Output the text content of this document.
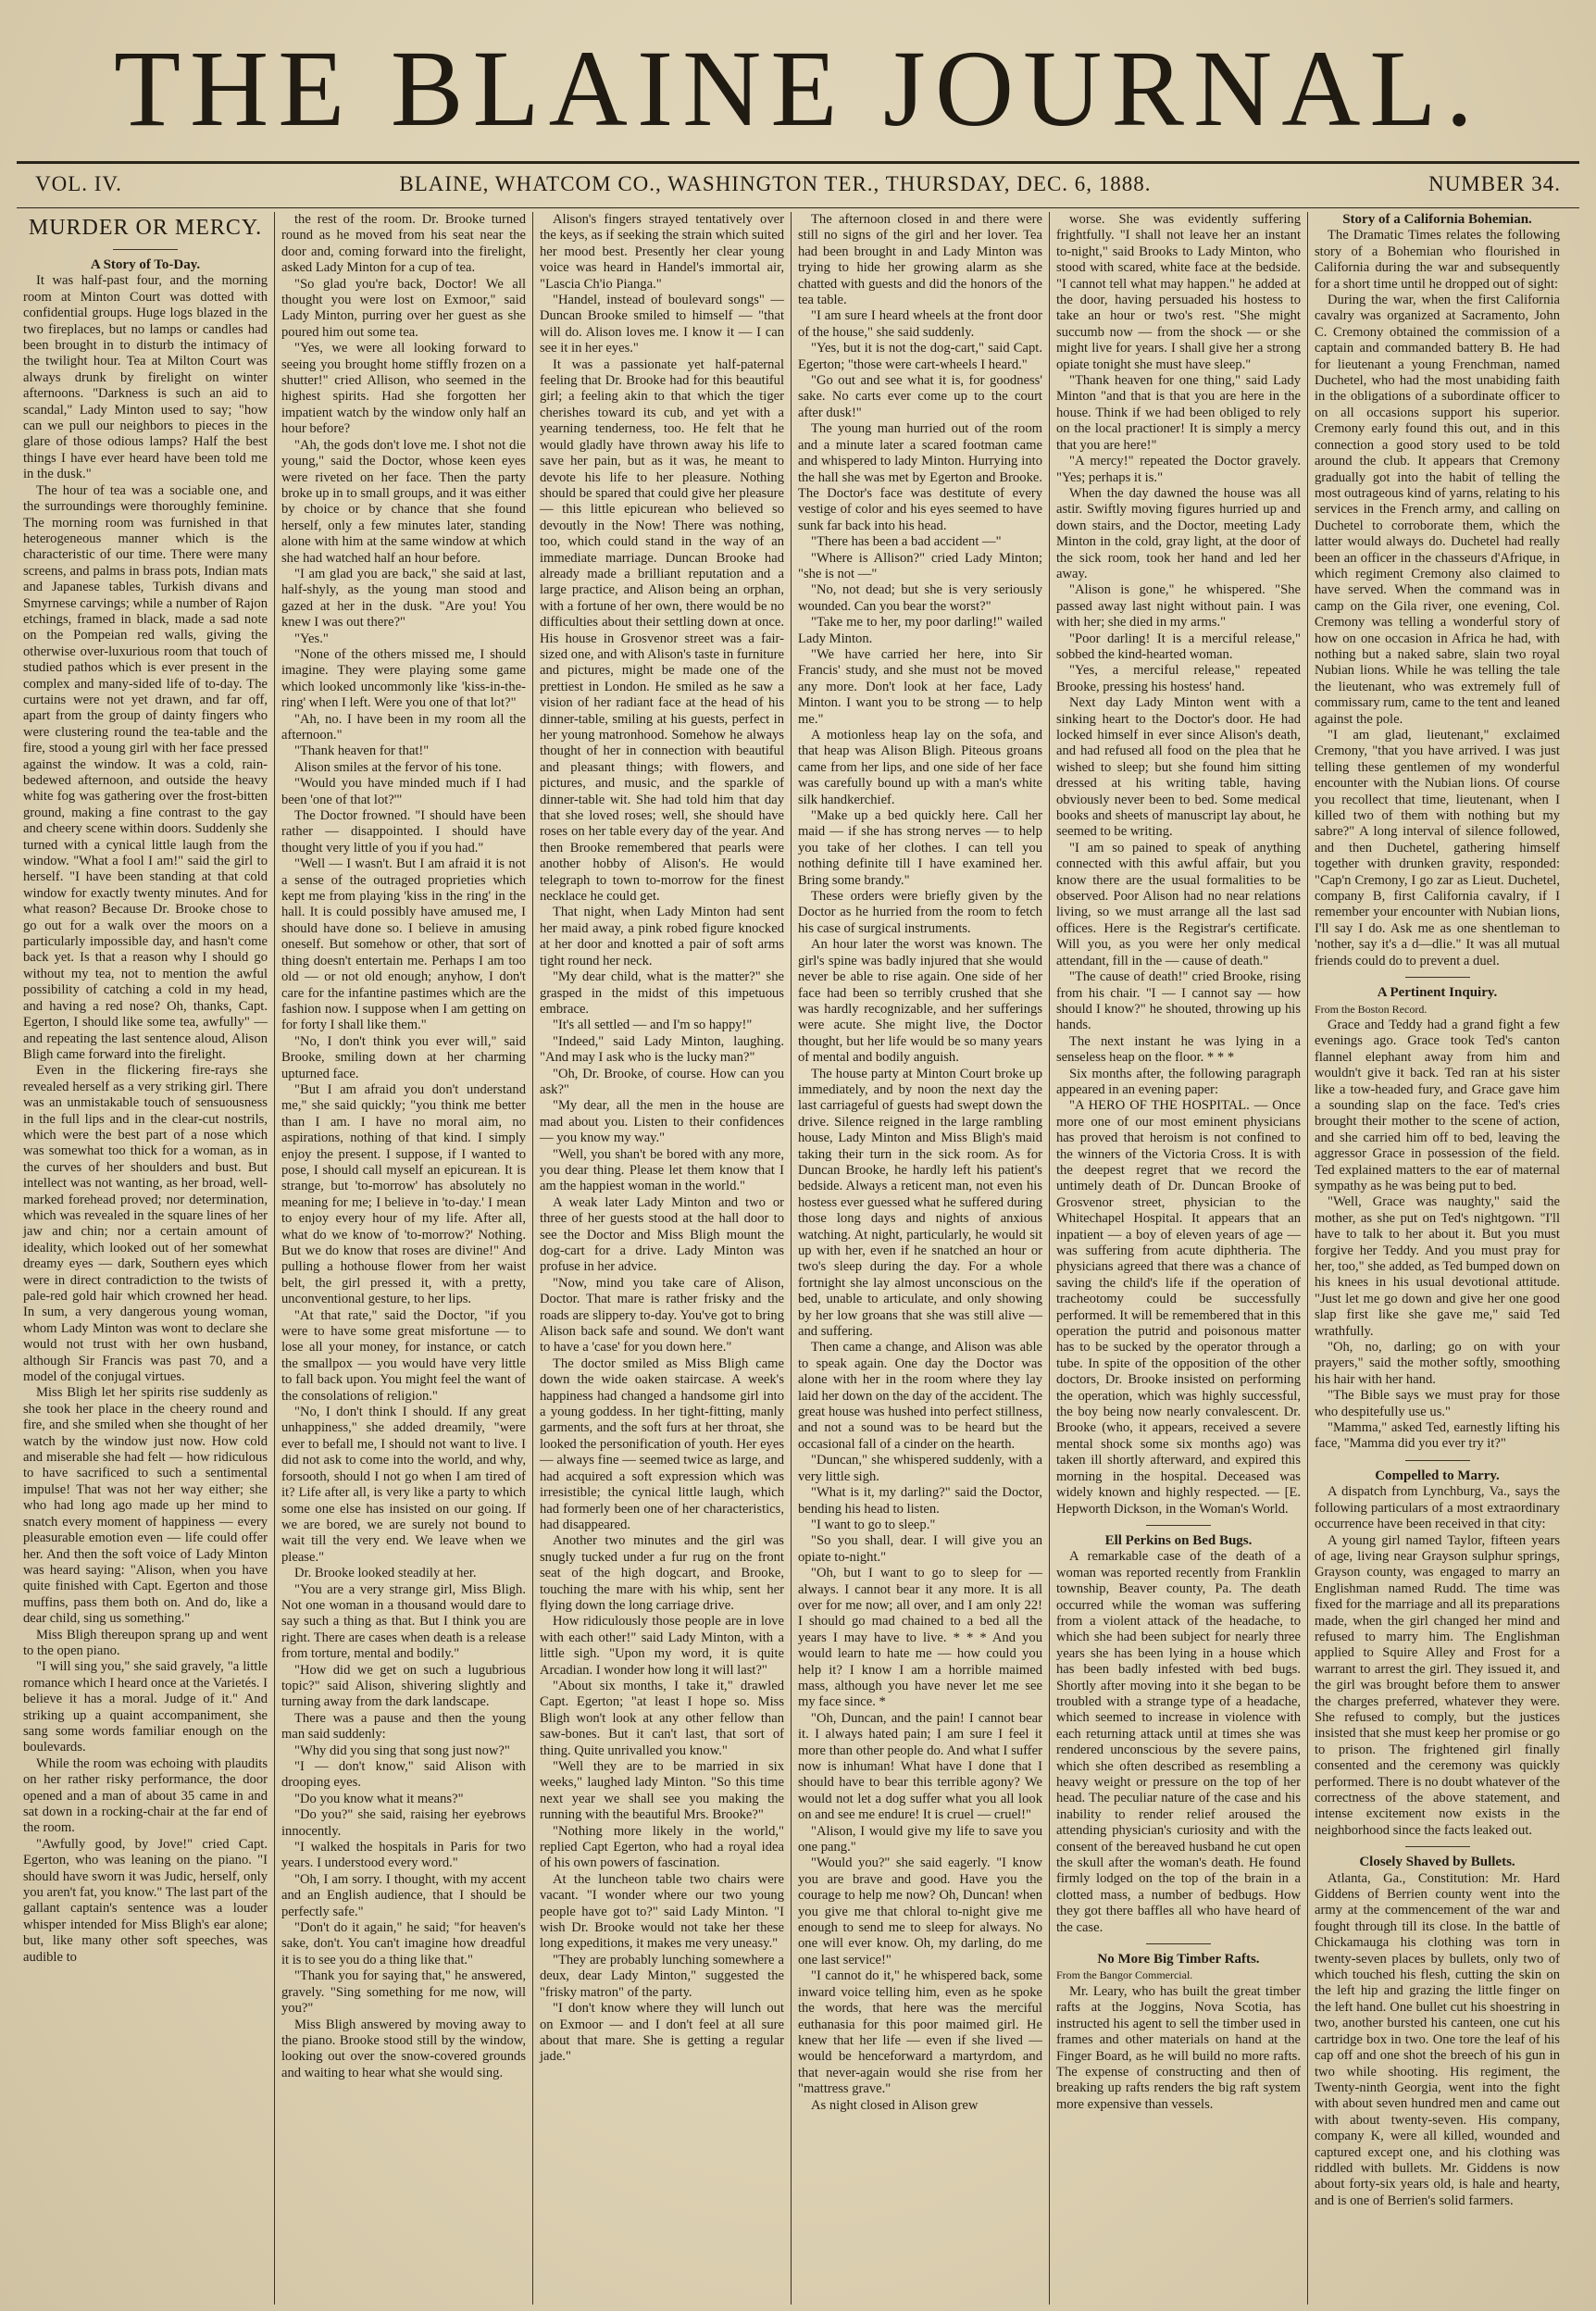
THE BLAINE JOURNAL.
VOL. IV.	BLAINE, WHATCOM CO., WASHINGTON TER., THURSDAY, DEC. 6, 1888.	NUMBER 34.
MURDER OR MERCY.

A Story of To-Day.

It was half-past four, and the morning room at Minton Court was dotted with confidential groups. Huge logs blazed in the two fireplaces, but no lamps or candles had been brought in to disturb the intimacy of the twilight hour. Tea at Milton Court was always drunk by firelight on winter afternoons. "Darkness is such an aid to scandal," Lady Minton used to say; "how can we pull our neighbors to pieces in the glare of those odious lamps? Half the best things I have ever heard have been told me in the dusk."

The hour of tea was a sociable one, and the surroundings were thoroughly feminine. The morning room was furnished in that heterogeneous manner which is the characteristic of our time. There were many screens, and palms in brass pots, Indian mats and Japanese tables, Turkish divans and Smyrnese carvings; while a number of Rajon etchings, framed in black, made a sad note on the Pompeian red walls, giving the otherwise over-luxurious room that touch of studied pathos which is ever present in the complex and many-sided life of to-day. The curtains were not yet drawn, and far off, apart from the group of dainty fingers who were clustering round the tea-table and the fire, stood a young girl with her face pressed against the window. It was a cold, rain-bedewed afternoon, and outside the heavy white fog was gathering over the frost-bitten ground, making a fine contrast to the gay and cheery scene within doors. Suddenly she turned with a cynical little laugh from the window. "What a fool I am!" said the girl to herself. "I have been standing at that cold window for exactly twenty minutes. And for what reason? Because Dr. Brooke chose to go out for a walk over the moors on a particularly impossible day, and hasn't come back yet. Is that a reason why I should go without my tea, not to mention the awful possibility of catching a cold in my head, and having a red nose? Oh, thanks, Capt. Egerton, I should like some tea, awfully" — and repeating the last sentence aloud, Alison Bligh came forward into the firelight.

Even in the flickering fire-rays she revealed herself as a very striking girl. There was an unmistakable touch of sensuousness in the full lips and in the clear-cut nostrils, which were the best part of a nose which was somewhat too thick for a woman, as in the curves of her shoulders and bust. But intellect was not wanting, as her broad, well-marked forehead proved; nor determination, which was revealed in the square lines of her jaw and chin; nor a certain amount of ideality, which looked out of her somewhat dreamy eyes — dark, Southern eyes which were in direct contradiction to the twists of pale-red gold hair which crowned her head. In sum, a very dangerous young woman, whom Lady Minton was wont to declare she would not trust with her own husband, although Sir Francis was past 70, and a model of the conjugal virtues.

Miss Bligh let her spirits rise suddenly as she took her place in the cheery round and fire, and she smiled when she thought of her watch by the window just now. How cold and miserable she had felt — how ridiculous to have sacrificed to such a sentimental impulse! That was not her way either; she who had long ago made up her mind to snatch every moment of happiness — every pleasurable emotion even — life could offer her. And then the soft voice of Lady Minton was heard saying: "Alison, when you have quite finished with Capt. Egerton and those muffins, pass them both on. And do, like a dear child, sing us something."

Miss Bligh thereupon sprang up and went to the open piano.

"I will sing you," she said gravely, "a little romance which I heard once at the Varietés. I believe it has a moral. Judge of it." And striking up a quaint accompaniment, she sang some words familiar enough on the boulevards.

While the room was echoing with plaudits on her rather risky performance, the door opened and a man of about 35 came in and sat down in a rocking-chair at the far end of the room.

"Awfully good, by Jove!" cried Capt. Egerton, who was leaning on the piano. "I should have sworn it was Judic, herself, only you aren't fat, you know." The last part of the gallant captain's sentence was a louder whisper intended for Miss Bligh's ear alone; but, like many other soft speeches, was audible to

the rest of the room. Dr. Brooke turned round as he moved from his seat near the door and, coming forward into the firelight, asked Lady Minton for a cup of tea.

"So glad you're back, Doctor! We all thought you were lost on Exmoor," said Lady Minton, purring over her guest as she poured him out some tea.

"Yes, we were all looking forward to seeing you brought home stiffly frozen on a shutter!" cried Allison, who seemed in the highest spirits. Had she forgotten her impatient watch by the window only half an hour before?

"Ah, the gods don't love me. I shot not die young," said the Doctor, whose keen eyes were riveted on her face. Then the party broke up in to small groups, and it was either by choice or by chance that she found herself, only a few minutes later, standing alone with him at the same window at which she had watched half an hour before.

"I am glad you are back," she said at last, half-shyly, as the young man stood and gazed at her in the dusk. "Are you! You knew I was out there?"

"Yes."

"None of the others missed me, I should imagine. They were playing some game which looked uncommonly like 'kiss-in-the-ring' when I left. Were you one of that lot?"

"Ah, no. I have been in my room all the afternoon."

"Thank heaven for that!"

Alison smiles at the fervor of his tone.

"Would you have minded much if I had been 'one of that lot?'"

The Doctor frowned. "I should have been rather — disappointed. I should have thought very little of you if you had."

"Well — I wasn't. But I am afraid it is not a sense of the outraged proprieties which kept me from playing 'kiss in the ring' in the hall. It is could possibly have amused me, I should have done so. I believe in amusing oneself. But somehow or other, that sort of thing doesn't entertain me. Perhaps I am too old — or not old enough; anyhow, I don't care for the infantine pastimes which are the fashion now. I suppose when I am getting on for forty I shall like them."

"No, I don't think you ever will," said Brooke, smiling down at her charming upturned face.

"But I am afraid you don't understand me," she said quickly; "you think me better than I am. I have no moral aim, no aspirations, nothing of that kind. I simply enjoy the present. I suppose, if I wanted to pose, I should call myself an epicurean. It is strange, but 'to-morrow' has absolutely no meaning for me; I believe in 'to-day.' I mean to enjoy every hour of my life. After all, what do we know of 'to-morrow?' Nothing. But we do know that roses are divine!" And pulling a hothouse flower from her waist belt, the girl pressed it, with a pretty, unconventional gesture, to her lips.

"At that rate," said the Doctor, "if you were to have some great misfortune — to lose all your money, for instance, or catch the smallpox — you would have very little to fall back upon. You might feel the want of the consolations of religion."

"No, I don't think I should. If any great unhappiness," she added dreamily, "were ever to befall me, I should not want to live. I did not ask to come into the world, and why, forsooth, should I not go when I am tired of it? Life after all, is very like a party to which some one else has insisted on our going. If we are bored, we are surely not bound to wait till the very end. We leave when we please."

Dr. Brooke looked steadily at her.

"You are a very strange girl, Miss Bligh. Not one woman in a thousand would dare to say such a thing as that. But I think you are right. There are cases when death is a release from torture, mental and bodily."

"How did we get on such a lugubrious topic?" said Alison, shivering slightly and turning away from the dark landscape.

There was a pause and then the young man said suddenly:

"Why did you sing that song just now?"

"I — don't know," said Alison with drooping eyes.

"Do you know what it means?"

"Do you?" she said, raising her eyebrows innocently.

"I walked the hospitals in Paris for two years. I understood every word."

"Oh, I am sorry. I thought, with my accent and an English audience, that I should be perfectly safe."

"Don't do it again," he said; "for heaven's sake, don't. You can't imagine how dreadful it is to see you do a thing like that."

"Thank you for saying that," he answered, gravely. "Sing something for me now, will you?"

Miss Bligh answered by moving away to the piano. Brooke stood still by the window, looking out over the snow-covered grounds and waiting to hear what she would sing.

Alison's fingers strayed tentatively over the keys, as if seeking the strain which suited her mood best. Presently her clear young voice was heard in Handel's immortal air, "Lascia Ch'io Pianga."

"Handel, instead of boulevard songs" — Duncan Brooke smiled to himself — "that will do. Alison loves me. I know it — I can see it in her eyes."

It was a passionate yet half-paternal feeling that Dr. Brooke had for this beautiful girl; a feeling akin to that which the tiger cherishes toward its cub, and yet with a yearning tenderness, too. He felt that he would gladly have thrown away his life to save her pain, but as it was, he meant to devote his life to her pleasure. Nothing should be spared that could give her pleasure — this little epicurean who believed so devoutly in the Now! There was nothing, too, which could stand in the way of an immediate marriage. Duncan Brooke had already made a brilliant reputation and a large practice, and Alison being an orphan, with a fortune of her own, there would be no difficulties about their settling down at once. His house in Grosvenor street was a fair-sized one, and with Alison's taste in furniture and pictures, might be made one of the prettiest in London. He smiled as he saw a vision of her radiant face at the head of his dinner-table, smiling at his guests, perfect in her young matronhood. Somehow he always thought of her in connection with beautiful and pleasant things; with flowers, and pictures, and music, and the sparkle of dinner-table wit. She had told him that day that she loved roses; well, she should have roses on her table every day of the year. And then Brooke remembered that pearls were another hobby of Alison's. He would telegraph to town to-morrow for the finest necklace he could get.

That night, when Lady Minton had sent her maid away, a pink robed figure knocked at her door and knotted a pair of soft arms tight round her neck.

"My dear child, what is the matter?" she grasped in the midst of this impetuous embrace.

"It's all settled — and I'm so happy!"

"Indeed," said Lady Minton, laughing. "And may I ask who is the lucky man?"

"Oh, Dr. Brooke, of course. How can you ask?"

"My dear, all the men in the house are mad about you. Listen to their confidences — you know my way."

"Well, you shan't be bored with any more, you dear thing. Please let them know that I am the happiest woman in the world."

A weak later Lady Minton and two or three of her guests stood at the hall door to see the Doctor and Miss Bligh mount the dog-cart for a drive. Lady Minton was profuse in her advice.

"Now, mind you take care of Alison, Doctor. That mare is rather frisky and the roads are slippery to-day. You've got to bring Alison back safe and sound. We don't want to have a 'case' for you down here."

The doctor smiled as Miss Bligh came down the wide oaken staircase. A week's happiness had changed a handsome girl into a young goddess. In her tight-fitting, manly garments, and the soft furs at her throat, she looked the personification of youth. Her eyes — always fine — seemed twice as large, and had acquired a soft expression which was irresistible; the cynical little laugh, which had formerly been one of her characteristics, had disappeared.

Another two minutes and the girl was snugly tucked under a fur rug on the front seat of the high dogcart, and Brooke, touching the mare with his whip, sent her flying down the long carriage drive.

How ridiculously those people are in love with each other!" said Lady Minton, with a little sigh. "Upon my word, it is quite Arcadian. I wonder how long it will last?"

"About six months, I take it," drawled Capt. Egerton; "at least I hope so. Miss Bligh won't look at any other fellow than saw-bones. But it can't last, that sort of thing. Quite unrivalled you know."

"Well they are to be married in six weeks," laughed lady Minton. "So this time next year we shall see you making the running with the beautiful Mrs. Brooke?"

"Nothing more likely in the world," replied Capt Egerton, who had a royal idea of his own powers of fascination.

At the luncheon table two chairs were vacant. "I wonder where our two young people have got to?" said Lady Minton. "I wish Dr. Brooke would not take her these long expeditions, it makes me very uneasy."

"They are probably lunching somewhere a deux, dear Lady Minton," suggested the "frisky matron" of the party.

"I don't know where they will lunch out on Exmoor — and I don't feel at all sure about that mare. She is getting a regular jade."

The afternoon closed in and there were still no signs of the girl and her lover. Tea had been brought in and Lady Minton was trying to hide her growing alarm as she chatted with guests and did the honors of the tea table.

"I am sure I heard wheels at the front door of the house," she said suddenly.

"Yes, but it is not the dog-cart," said Capt. Egerton; "those were cart-wheels I heard."

"Go out and see what it is, for goodness' sake. No carts ever come up to the court after dusk!"

The young man hurried out of the room and a minute later a scared footman came and whispered to lady Minton. Hurrying into the hall she was met by Egerton and Brooke. The Doctor's face was destitute of every vestige of color and his eyes seemed to have sunk far back into his head.

"There has been a bad accident —"

"Where is Allison?" cried Lady Minton; "she is not —"

"No, not dead; but she is very seriously wounded. Can you bear the worst?"

"Take me to her, my poor darling!" wailed Lady Minton.

"We have carried her here, into Sir Francis' study, and she must not be moved any more. Don't look at her face, Lady Minton. I want you to be strong — to help me."

A motionless heap lay on the sofa, and that heap was Alison Bligh. Piteous groans came from her lips, and one side of her face was carefully bound up with a man's white silk handkerchief.

"Make up a bed quickly here. Call her maid — if she has strong nerves — to help you take of her clothes. I can tell you nothing definite till I have examined her. Bring some brandy."

These orders were briefly given by the Doctor as he hurried from the room to fetch his case of surgical instruments.

An hour later the worst was known. The girl's spine was badly injured that she would never be able to rise again. One side of her face had been so terribly crushed that she was hardly recognizable, and her sufferings were acute. She might live, the Doctor thought, but her life would be so many years of mental and bodily anguish.

The house party at Minton Court broke up immediately, and by noon the next day the last carriageful of guests had swept down the drive. Silence reigned in the large rambling house, Lady Minton and Miss Bligh's maid taking their turn in the sick room. As for Duncan Brooke, he hardly left his patient's bedside. Always a reticent man, not even his hostess ever guessed what he suffered during those long days and nights of anxious watching. At night, particularly, he would sit up with her, even if he snatched an hour or two's sleep during the day. For a whole fortnight she lay almost unconscious on the bed, unable to articulate, and only showing by her low groans that she was still alive — and suffering.

Then came a change, and Alison was able to speak again. One day the Doctor was alone with her in the room where they lay laid her down on the day of the accident. The great house was hushed into perfect stillness, and not a sound was to be heard but the occasional fall of a cinder on the hearth.

"Duncan," she whispered suddenly, with a very little sigh.

"What is it, my darling?" said the Doctor, bending his head to listen.

"I want to go to sleep."

"So you shall, dear. I will give you an opiate to-night."

"Oh, but I want to go to sleep for — always. I cannot bear it any more. It is all over for me now; all over, and I am only 22! I should go mad chained to a bed all the years I may have to live. * * * And you would learn to hate me — how could you help it? I know I am a horrible maimed mass, although you have never let me see my face since. *

"Oh, Duncan, and the pain! I cannot bear it. I always hated pain; I am sure I feel it more than other people do. And what I suffer now is inhuman! What have I done that I should have to bear this terrible agony? We would not let a dog suffer what you all look on and see me endure! It is cruel — cruel!"

"Alison, I would give my life to save you one pang."

"Would you?" she said eagerly. "I know you are brave and good. Have you the courage to help me now? Oh, Duncan! when you give me that chloral to-night give me enough to send me to sleep for always. No one will ever know. Oh, my darling, do me one last service!"

"I cannot do it," he whispered back, some inward voice telling him, even as he spoke the words, that here was the merciful euthanasia for this poor maimed girl. He knew that her life — even if she lived — would be henceforward a martyrdom, and that never-again would she rise from her "mattress grave."

As night closed in Alison grew

worse. She was evidently suffering frightfully. "I shall not leave her an instant to-night," said Brooks to Lady Minton, who stood with scared, white face at the bedside. "I cannot tell what may happen." he added at the door, having persuaded his hostess to take an hour or two's rest. "She might succumb now — from the shock — or she might live for years. I shall give her a strong opiate tonight she must have sleep."

"Thank heaven for one thing," said Lady Minton "and that is that you are here in the house. Think if we had been obliged to rely on the local practioner! It is simply a mercy that you are here!"

"A mercy!" repeated the Doctor gravely. "Yes; perhaps it is."

When the day dawned the house was all astir. Swiftly moving figures hurried up and down stairs, and the Doctor, meeting Lady Minton in the cold, gray light, at the door of the sick room, took her hand and led her away.

"Alison is gone," he whispered. "She passed away last night without pain. I was with her; she died in my arms."

"Poor darling! It is a merciful release," sobbed the kind-hearted woman.

"Yes, a merciful release," repeated Brooke, pressing his hostess' hand.

Next day Lady Minton went with a sinking heart to the Doctor's door. He had locked himself in ever since Alison's death, and had refused all food on the plea that he wished to sleep; but she found him sitting dressed at his writing table, having obviously never been to bed. Some medical books and sheets of manuscript lay about, he seemed to be writing.

"I am so pained to speak of anything connected with this awful affair, but you know there are the usual formalities to be observed. Poor Alison had no near relations living, so we must arrange all the last sad offices. Here is the Registrar's certificate. Will you, as you were her only medical attendant, fill in the — cause of death."

"The cause of death!" cried Brooke, rising from his chair. "I — I cannot say — how should I know?" he shouted, throwing up his hands.

The next instant he was lying in a senseless heap on the floor. * * *

Six months after, the following paragraph appeared in an evening paper:

"A HERO OF THE HOSPITAL. — Once more one of our most eminent physicians has proved that heroism is not confined to the winners of the Victoria Cross. It is with the deepest regret that we record the untimely death of Dr. Duncan Brooke of Grosvenor street, physician to the Whitechapel Hospital. It appears that an inpatient — a boy of eleven years of age — was suffering from acute diphtheria. The physicians agreed that there was a chance of saving the child's life if the operation of tracheotomy could be successfully performed. It will be remembered that in this operation the putrid and poisonous matter has to be sucked by the operator through a tube. In spite of the opposition of the other doctors, Dr. Brooke insisted on performing the operation, which was highly successful, the boy being now nearly convalescent. Dr. Brooke (who, it appears, received a severe mental shock some six months ago) was taken ill shortly afterward, and expired this morning in the hospital. Deceased was widely known and highly respected. — [E. Hepworth Dickson, in the Woman's World.

Ell Perkins on Bed Bugs.

A remarkable case of the death of a woman was reported recently from Franklin township, Beaver county, Pa. The death occurred while the woman was suffering from a violent attack of the headache, to which she had been subject for nearly three years she has been lying in a house which has been badly infested with bed bugs. Shortly after moving into it she began to be troubled with a strange type of a headache, which seemed to increase in violence with each returning attack until at times she was rendered unconscious by the severe pains, which she often described as resembling a heavy weight or pressure on the top of her head. The peculiar nature of the case and his inability to render relief aroused the attending physician's curiosity and with the consent of the bereaved husband he cut open the skull after the woman's death. He found firmly lodged on the top of the brain in a clotted mass, a number of bedbugs. How they got there baffles all who have heard of the case.

No More Big Timber Rafts.

From the Bangor Commercial.

Mr. Leary, who has built the great timber rafts at the Joggins, Nova Scotia, has instructed his agent to sell the timber used in frames and other materials on hand at the Finger Board, as he will build no more rafts. The expense of constructing and then of breaking up rafts renders the big raft system more expensive than vessels.

Story of a California Bohemian.

The Dramatic Times relates the following story of a Bohemian who flourished in California during the war and subsequently for a short time until he dropped out of sight:

During the war, when the first California cavalry was organized at Sacramento, John C. Cremony obtained the commission of a captain and commanded battery B. He had for lieutenant a young Frenchman, named Duchetel, who had the most unabiding faith in the obligations of a subordinate officer to on all occasions support his superior. Cremony early found this out, and in this connection a good story used to be told around the club. It appears that Cremony gradually got into the habit of telling the most outrageous kind of yarns, relating to his services in the French army, and calling on Duchetel to corroborate them, which the latter would always do. Duchetel had really been an officer in the chasseurs d'Afrique, in which regiment Cremony also claimed to have served. When the command was in camp on the Gila river, one evening, Col. Cremony was telling a wonderful story of how on one occasion in Africa he had, with nothing but a naked sabre, slain two royal Nubian lions. While he was telling the tale the lieutenant, who was extremely full of commissary rum, came to the tent and leaned against the pole.

"I am glad, lieutenant," exclaimed Cremony, "that you have arrived. I was just telling these gentlemen of my wonderful encounter with the Nubian lions. Of course you recollect that time, lieutenant, when I killed two of them with nothing but my sabre?" A long interval of silence followed, and then Duchetel, gathering himself together with drunken gravity, responded: "Cap'n Cremony, I go zar as Lieut. Duchetel, company B, first California cavalry, if I remember your encounter with Nubian lions, I'll say I do. Ask me as one shentleman to 'nother, say it's a d—dlie." It was all mutual friends could do to prevent a duel.

A Pertinent Inquiry.

From the Boston Record.

Grace and Teddy had a grand fight a few evenings ago. Grace took Ted's canton flannel elephant away from him and wouldn't give it back. Ted ran at his sister like a tow-headed fury, and Grace gave him a sounding slap on the face. Ted's cries brought their mother to the scene of action, and she carried him off to bed, leaving the aggressor Grace in possession of the field. Ted explained matters to the ear of maternal sympathy as he was being put to bed.

"Well, Grace was naughty," said the mother, as she put on Ted's nightgown. "I'll have to talk to her about it. But you must forgive her Teddy. And you must pray for her, too," she added, as Ted bumped down on his knees in his usual devotional attitude. "Just let me go down and give her one good slap first like she gave me," said Ted wrathfully.

"Oh, no, darling; go on with your prayers," said the mother softly, smoothing his hair with her hand.

"The Bible says we must pray for those who despitefully use us."

"Mamma," asked Ted, earnestly lifting his face, "Mamma did you ever try it?"

Compelled to Marry.

A dispatch from Lynchburg, Va., says the following particulars of a most extraordinary occurrence have been received in that city:

A young girl named Taylor, fifteen years of age, living near Grayson sulphur springs, Grayson county, was engaged to marry an Englishman named Rudd. The time was fixed for the marriage and all its preparations made, when the girl changed her mind and refused to marry him. The Englishman applied to Squire Alley and Frost for a warrant to arrest the girl. They issued it, and the girl was brought before them to answer the charges preferred, whatever they were. She refused to comply, but the justices insisted that she must keep her promise or go to prison. The frightened girl finally consented and the ceremony was quickly performed. There is no doubt whatever of the correctness of the above statement, and intense excitement now exists in the neighborhood since the facts leaked out.

Closely Shaved by Bullets.

Atlanta, Ga., Constitution: Mr. Hard Giddens of Berrien county went into the army at the commencement of the war and fought through till its close. In the battle of Chickamauga his clothing was torn in twenty-seven places by bullets, only two of which touched his flesh, cutting the skin on the left hip and grazing the little finger on the left hand. One bullet cut his shoestring in two, another bursted his canteen, one cut his cartridge box in two. One tore the leaf of his cap off and one shot the breech of his gun in two while shooting. His regiment, the Twenty-ninth Georgia, went into the fight with about seven hundred men and came out with about twenty-seven. His company, company K, were all killed, wounded and captured except one, and his clothing was riddled with bullets. Mr. Giddens is now about forty-six years old, is hale and hearty, and is one of Berrien's solid farmers.
